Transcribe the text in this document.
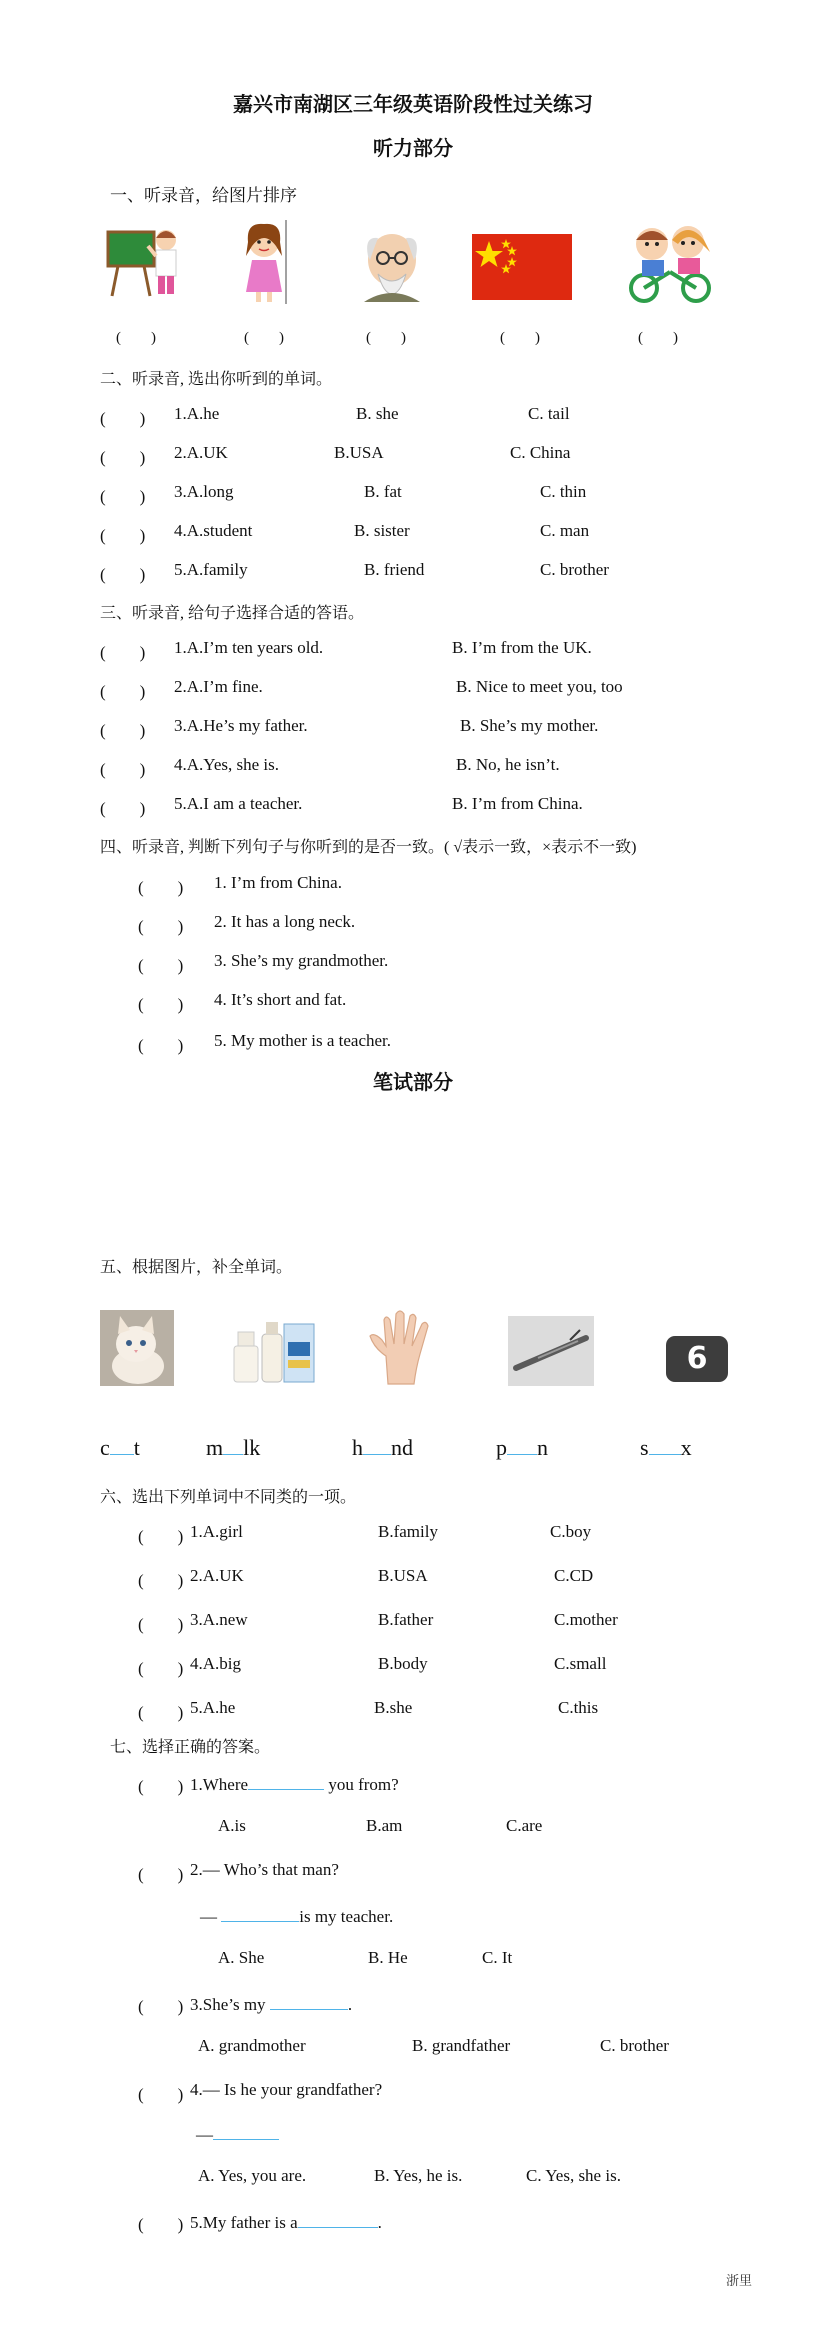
嘉兴市南湖区三年级英语阶段性过关练习
听力部分
一、听录音，给图片排序
(　　)	(　　)	(　　)	(　　)	(　　)
二、听录音, 选出你听到的单词。
(　　) 1.A.he	B. she	C. tail
(　　) 2.A.UK	B.USA	C. China
(　　) 3.A.long	B. fat	C. thin
(　　) 4.A.student	B. sister	C. man
(　　) 5.A.family	B. friend	C. brother
三、听录音, 给句子选择合适的答语。
(　　) 1.A.I’m ten years old.	B. I’m from the UK.
(　　) 2.A.I’m fine.	B. Nice to meet you, too
(　　) 3.A.He’s my father.	B. She’s my mother.
(　　) 4.A.Yes, she is.	B. No, he isn’t.
(　　) 5.A.I am a teacher.	B. I’m from China.
四、听录音, 判断下列句子与你听到的是否一致。( √表示一致，×表示不一致)
(　　) 1. I’m from China.
(　　) 2. It has a long neck.
(　　) 3. She’s my grandmother.
(　　) 4. It’s short and fat.
(　　) 5. My mother is a teacher.
笔试部分
五、根据图片，补全单词。
6
c t	m lk	h nd	p n	s x
六、选出下列单词中不同类的一项。
(　　) 1.A.girl	B.family	C.boy
(　　) 2.A.UK	B.USA	C.CD
(　　) 3.A.new	B.father	C.mother
(　　) 4.A.big	B.body	C.small
(　　) 5.A.he	B.she	C.this
七、选择正确的答案。
(　　) 1.Where	you from?
A.is	B.am	C.are
(　　) 2.— Who’s that man?
—	is my teacher.
A. She	B. He	C. It
(　　) 3.She’s my	.
A. grandmother	B. grandfather	C. brother
(　　) 4.— Is he your grandfather?
—
A. Yes, you are.	B. Yes, he is.	C. Yes, she is.
(　　) 5.My father is a	.
浙里
